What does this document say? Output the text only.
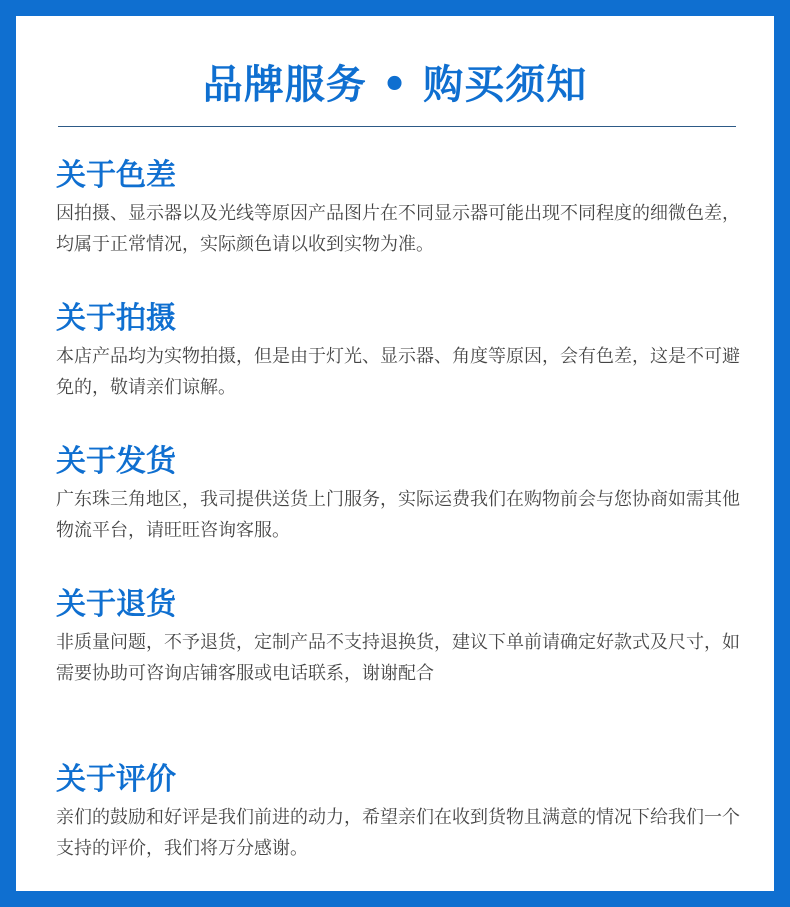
品牌服务 • 购买须知
关于色差
因拍摄、显示器以及光线等原因产品图片在不同显示器可能出现不同程度的细微色差，均属于正常情况，实际颜色请以收到实物为准。
关于拍摄
本店产品均为实物拍摄，但是由于灯光、显示器、角度等原因，会有色差，这是不可避免的，敬请亲们谅解。
关于发货
广东珠三角地区，我司提供送货上门服务，实际运费我们在购物前会与您协商如需其他物流平台，请旺旺咨询客服。
关于退货
非质量问题，不予退货，定制产品不支持退换货，建议下单前请确定好款式及尺寸，如需要协助可咨询店铺客服或电话联系，谢谢配合
关于评价
亲们的鼓励和好评是我们前进的动力，希望亲们在收到货物且满意的情况下给我们一个支持的评价，我们将万分感谢。
